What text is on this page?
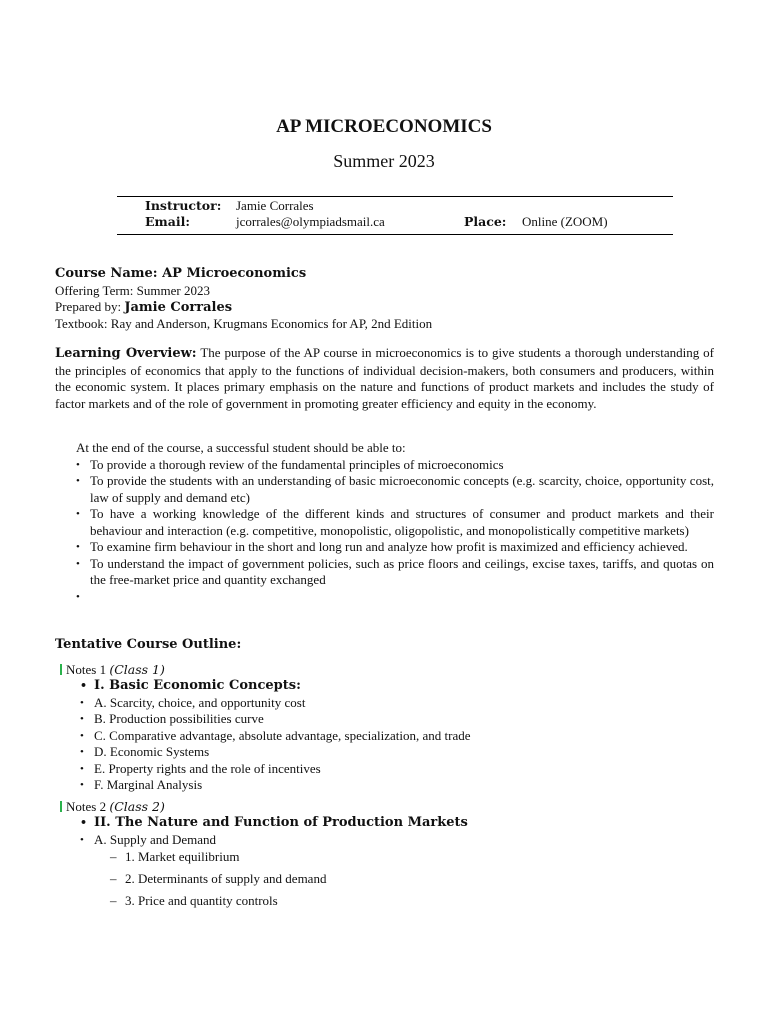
AP MICROECONOMICS
Summer 2023
Instructor: Jamie Corrales
Email:	jcorrales@olympiadsmail.ca	Place: Online (ZOOM)
Course Name: AP Microeconomics
Offering Term: Summer 2023
Prepared by: Jamie Corrales
Textbook: Ray and Anderson, Krugmans Economics for AP, 2nd Edition
Learning Overview: The purpose of the AP course in microeconomics is to give students a thorough understanding of the principles of economics that apply to the functions of individual decision-makers, both consumers and producers, within the economic system. It places primary emphasis on the nature and functions of product markets and includes the study of factor markets and of the role of government in promoting greater efficiency and equity in the economy.
At the end of the course, a successful student should be able to:
• To provide a thorough review of the fundamental principles of microeconomics
• To provide the students with an understanding of basic microeconomic concepts (e.g. scarcity, choice, opportunity cost, law of supply and demand etc)
• To have a working knowledge of the different kinds and structures of consumer and product markets and their behaviour and interaction (e.g. competitive, monopolistic, oligopolistic, and monopolistically competitive markets)
• To examine firm behaviour in the short and long run and analyze how profit is maximized and efficiency achieved.
• To understand the impact of government policies, such as price floors and ceilings, excise taxes, tariffs, and quotas on the free-market price and quantity exchanged
•
Tentative Course Outline:
Notes 1 (Class 1)
• I. Basic Economic Concepts:
• A. Scarcity, choice, and opportunity cost
• B. Production possibilities curve
• C. Comparative advantage, absolute advantage, specialization, and trade
• D. Economic Systems
• E. Property rights and the role of incentives
• F. Marginal Analysis
Notes 2 (Class 2)
• II. The Nature and Function of Production Markets
• A. Supply and Demand
– 1. Market equilibrium
– 2. Determinants of supply and demand
– 3. Price and quantity controls
